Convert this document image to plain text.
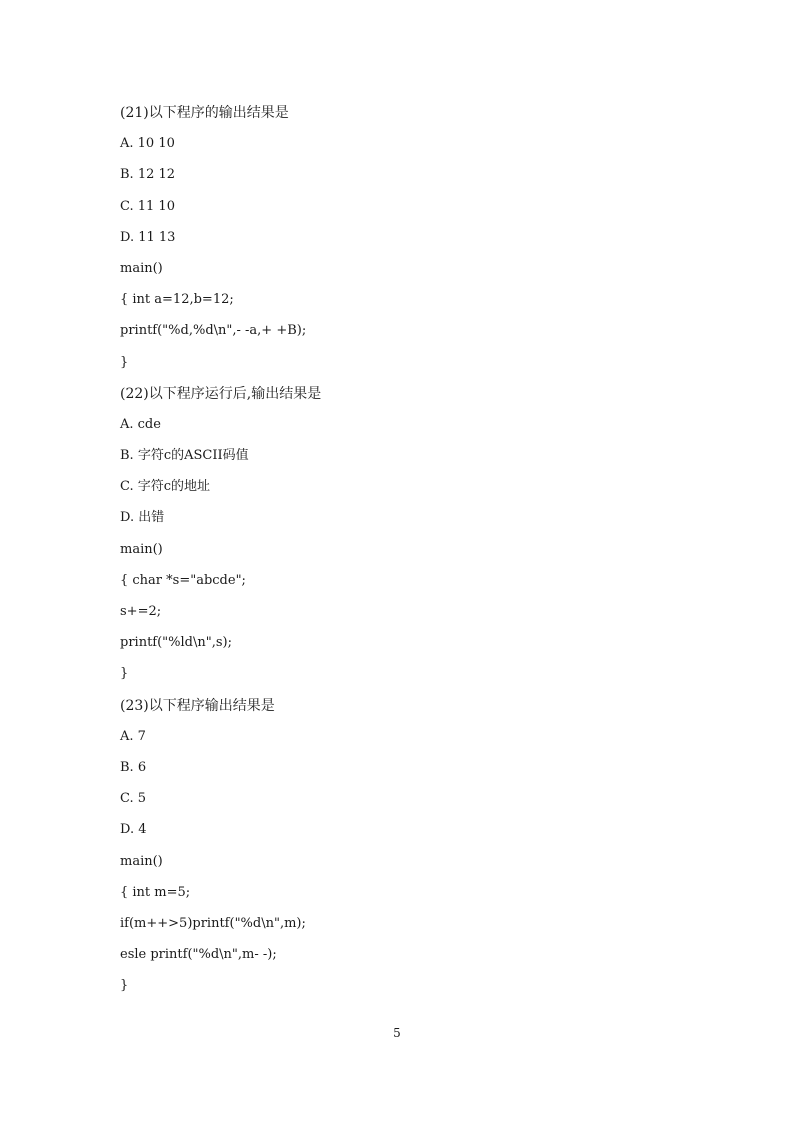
(21)以下程序的输出结果是
A. 10 10
B. 12 12
C. 11 10
D. 11 13
main()
{ int a=12,b=12;
printf("%d,%d\n",- -a,+ +B);
}
(22)以下程序运行后,输出结果是
A. cde
B. 字符c的ASCII码值
C. 字符c的地址
D. 出错
main()
{ char *s="abcde";
s+=2;
printf("%ld\n",s);
}
(23)以下程序输出结果是
A. 7
B. 6
C. 5
D. 4
main()
{ int m=5;
if(m++>5)printf("%d\n",m);
esle printf("%d\n",m- -);
}
5
